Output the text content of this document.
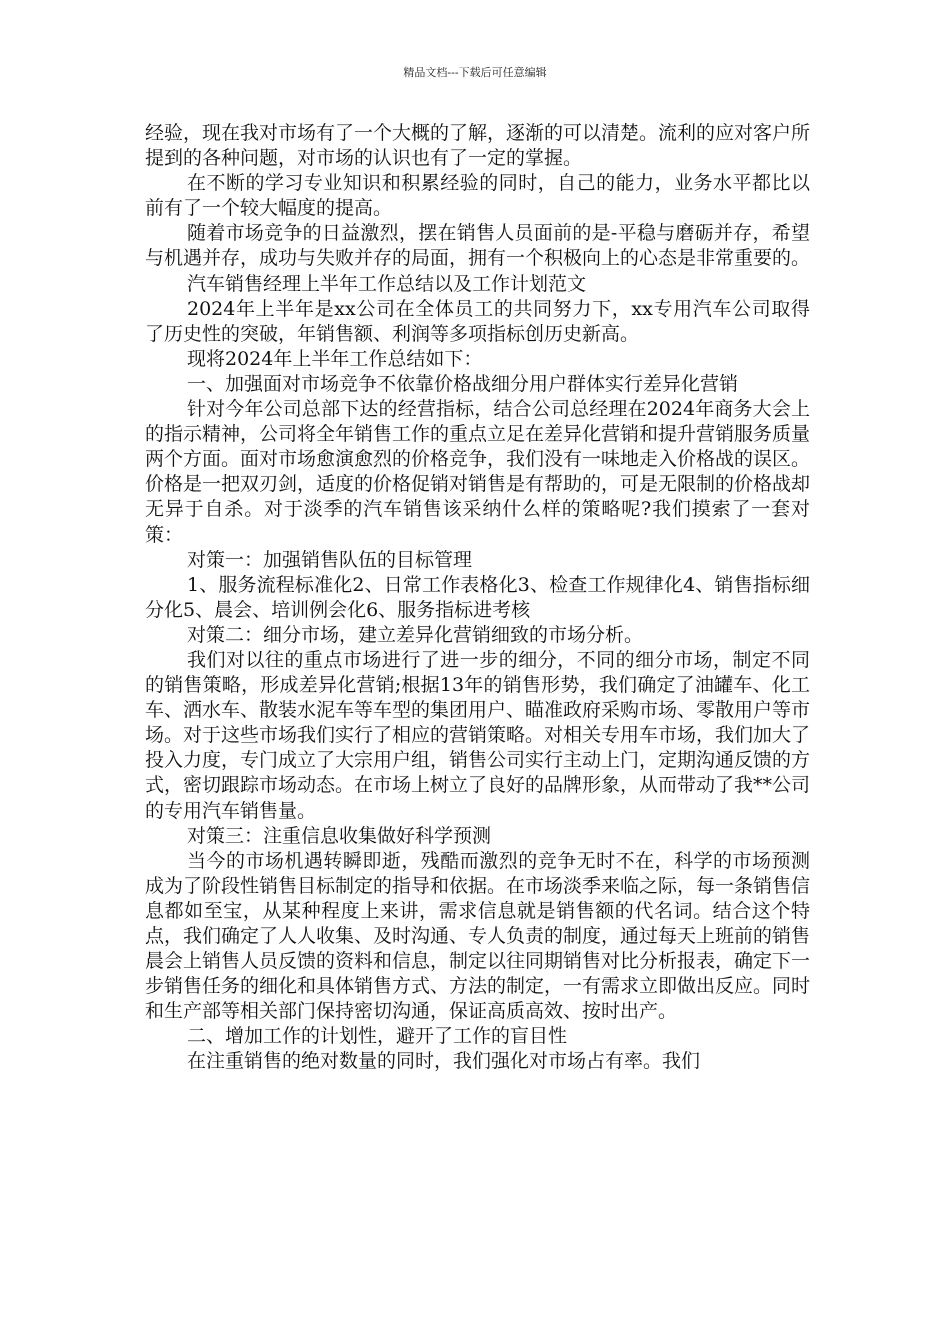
精品文档---下载后可任意编辑

经验，现在我对市场有了一个大概的了解，逐渐的可以清楚。流利的应对客户所提到的各种问题，对市场的认识也有了一定的掌握。

在不断的学习专业知识和积累经验的同时，自己的能力，业务水平都比以前有了一个较大幅度的提高。

随着市场竞争的日益激烈，摆在销售人员面前的是-平稳与磨砺并存，希望与机遇并存，成功与失败并存的局面，拥有一个积极向上的心态是非常重要的。

汽车销售经理上半年工作总结以及工作计划范文

2024年上半年是xx公司在全体员工的共同努力下，xx专用汽车公司取得了历史性的突破，年销售额、利润等多项指标创历史新高。

现将2024年上半年工作总结如下：

一、加强面对市场竞争不依靠价格战细分用户群体实行差异化营销

针对今年公司总部下达的经营指标，结合公司总经理在2024年商务大会上的指示精神，公司将全年销售工作的重点立足在差异化营销和提升营销服务质量两个方面。面对市场愈演愈烈的价格竞争，我们没有一味地走入价格战的误区。价格是一把双刃剑，适度的价格促销对销售是有帮助的，可是无限制的价格战却无异于自杀。对于淡季的汽车销售该采纳什么样的策略呢?我们摸索了一套对策：

对策一：加强销售队伍的目标管理

1、服务流程标准化2、日常工作表格化3、检查工作规律化4、销售指标细分化5、晨会、培训例会化6、服务指标进考核

对策二：细分市场，建立差异化营销细致的市场分析。

我们对以往的重点市场进行了进一步的细分，不同的细分市场，制定不同的销售策略，形成差异化营销;根据13年的销售形势，我们确定了油罐车、化工车、洒水车、散装水泥车等车型的集团用户、瞄准政府采购市场、零散用户等市场。对于这些市场我们实行了相应的营销策略。对相关专用车市场，我们加大了投入力度，专门成立了大宗用户组，销售公司实行主动上门，定期沟通反馈的方式，密切跟踪市场动态。在市场上树立了良好的品牌形象，从而带动了我**公司的专用汽车销售量。

对策三：注重信息收集做好科学预测

当今的市场机遇转瞬即逝，残酷而激烈的竞争无时不在，科学的市场预测成为了阶段性销售目标制定的指导和依据。在市场淡季来临之际，每一条销售信息都如至宝，从某种程度上来讲，需求信息就是销售额的代名词。结合这个特点，我们确定了人人收集、及时沟通、专人负责的制度，通过每天上班前的销售晨会上销售人员反馈的资料和信息，制定以往同期销售对比分析报表，确定下一步销售任务的细化和具体销售方式、方法的制定，一有需求立即做出反应。同时和生产部等相关部门保持密切沟通，保证高质高效、按时出产。

二、增加工作的计划性，避开了工作的盲目性

在注重销售的绝对数量的同时，我们强化对市场占有率。我们
